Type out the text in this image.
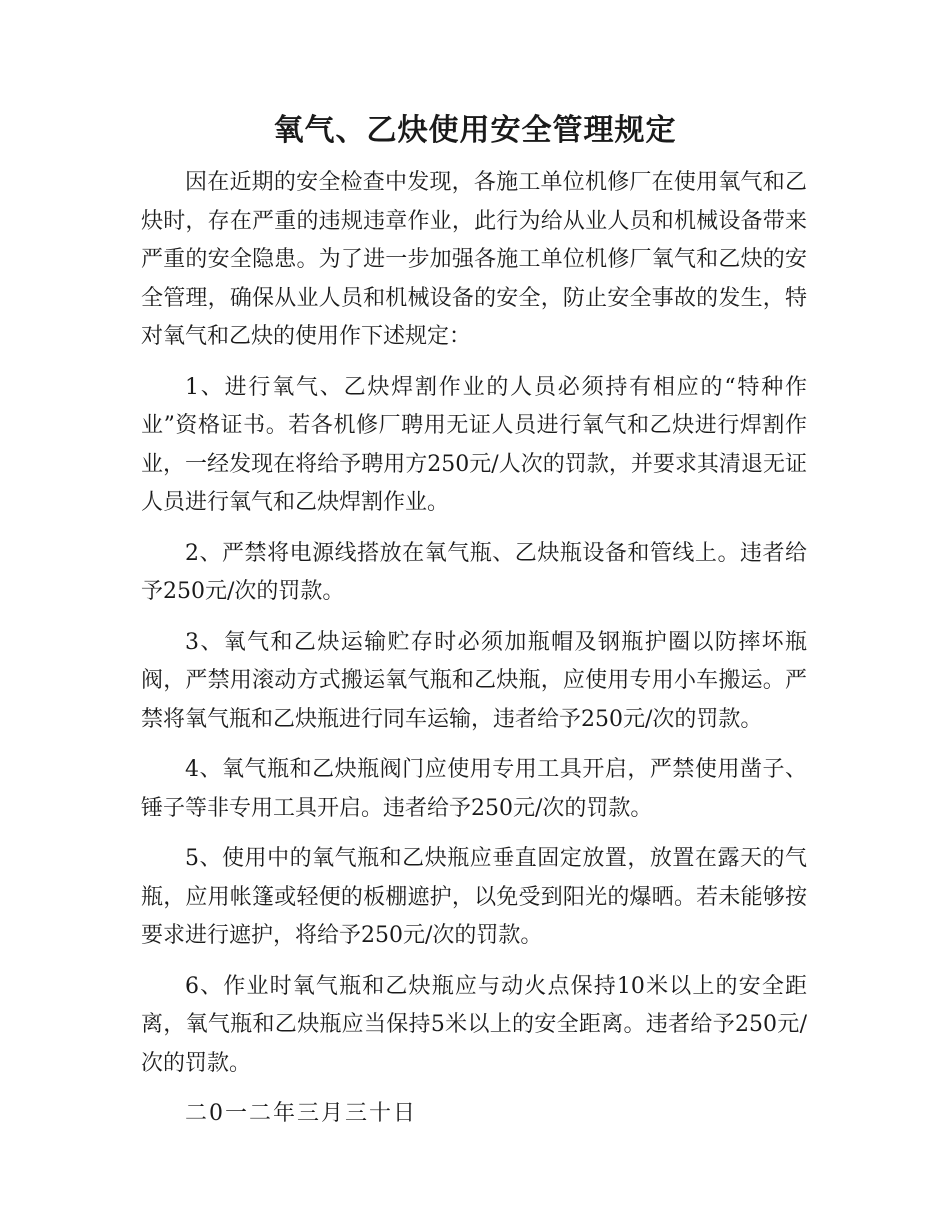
氧气、乙炔使用安全管理规定

因在近期的安全检查中发现，各施工单位机修厂在使用氧气和乙炔时，存在严重的违规违章作业，此行为给从业人员和机械设备带来严重的安全隐患。为了进一步加强各施工单位机修厂氧气和乙炔的安全管理，确保从业人员和机械设备的安全，防止安全事故的发生，特对氧气和乙炔的使用作下述规定：

1、进行氧气、乙炔焊割作业的人员必须持有相应的“特种作业”资格证书。若各机修厂聘用无证人员进行氧气和乙炔进行焊割作业，一经发现在将给予聘用方250元/人次的罚款，并要求其清退无证人员进行氧气和乙炔焊割作业。

2、严禁将电源线搭放在氧气瓶、乙炔瓶设备和管线上。违者给予250元/次的罚款。

3、氧气和乙炔运输贮存时必须加瓶帽及钢瓶护圈以防摔坏瓶阀，严禁用滚动方式搬运氧气瓶和乙炔瓶，应使用专用小车搬运。严禁将氧气瓶和乙炔瓶进行同车运输，违者给予250元/次的罚款。

4、氧气瓶和乙炔瓶阀门应使用专用工具开启，严禁使用凿子、锤子等非专用工具开启。违者给予250元/次的罚款。

5、使用中的氧气瓶和乙炔瓶应垂直固定放置，放置在露天的气瓶，应用帐篷或轻便的板棚遮护，以免受到阳光的爆晒。若未能够按要求进行遮护，将给予250元/次的罚款。

6、作业时氧气瓶和乙炔瓶应与动火点保持10米以上的安全距离，氧气瓶和乙炔瓶应当保持5米以上的安全距离。违者给予250元/次的罚款。

二0一二年三月三十日
